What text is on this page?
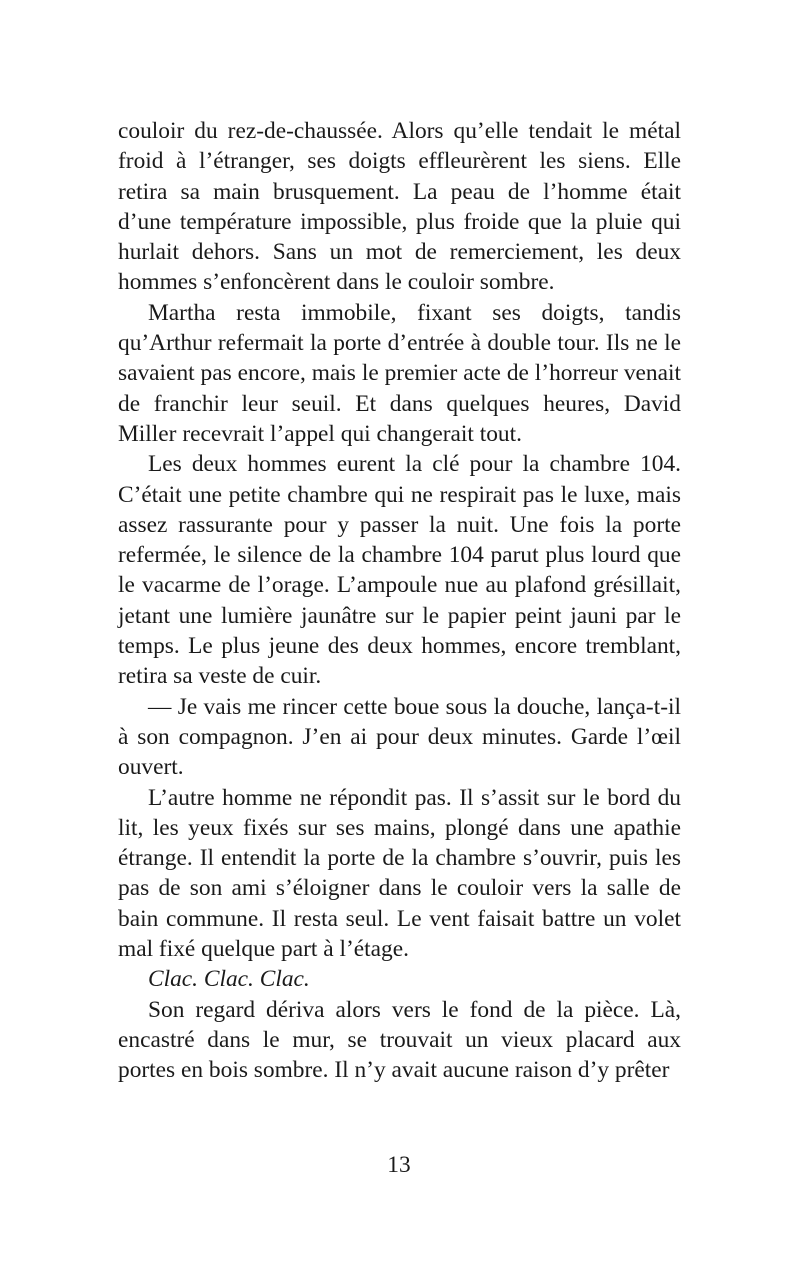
couloir du rez-de-chaussée. Alors qu’elle tendait le métal froid à l’étranger, ses doigts effleurèrent les siens. Elle retira sa main brusquement. La peau de l’homme était d’une température impossible, plus froide que la pluie qui hurlait dehors. Sans un mot de remerciement, les deux hommes s’enfoncèrent dans le couloir sombre.

Martha resta immobile, fixant ses doigts, tandis qu’Arthur refermait la porte d’entrée à double tour. Ils ne le savaient pas encore, mais le premier acte de l’horreur venait de franchir leur seuil. Et dans quelques heures, David Miller recevrait l’appel qui changerait tout.

Les deux hommes eurent la clé pour la chambre 104. C’était une petite chambre qui ne respirait pas le luxe, mais assez rassurante pour y passer la nuit. Une fois la porte refermée, le silence de la chambre 104 parut plus lourd que le vacarme de l’orage. L’ampoule nue au plafond grésillait, jetant une lumière jaunâtre sur le papier peint jauni par le temps. Le plus jeune des deux hommes, encore tremblant, retira sa veste de cuir.

— Je vais me rincer cette boue sous la douche, lança-t-il à son compagnon. J’en ai pour deux minutes. Garde l’œil ouvert.

L’autre homme ne répondit pas. Il s’assit sur le bord du lit, les yeux fixés sur ses mains, plongé dans une apathie étrange. Il entendit la porte de la chambre s’ouvrir, puis les pas de son ami s’éloigner dans le couloir vers la salle de bain commune. Il resta seul. Le vent faisait battre un volet mal fixé quelque part à l’étage.

Clac. Clac. Clac.

Son regard dériva alors vers le fond de la pièce. Là, encastré dans le mur, se trouvait un vieux placard aux portes en bois sombre. Il n’y avait aucune raison d’y prêter

13
